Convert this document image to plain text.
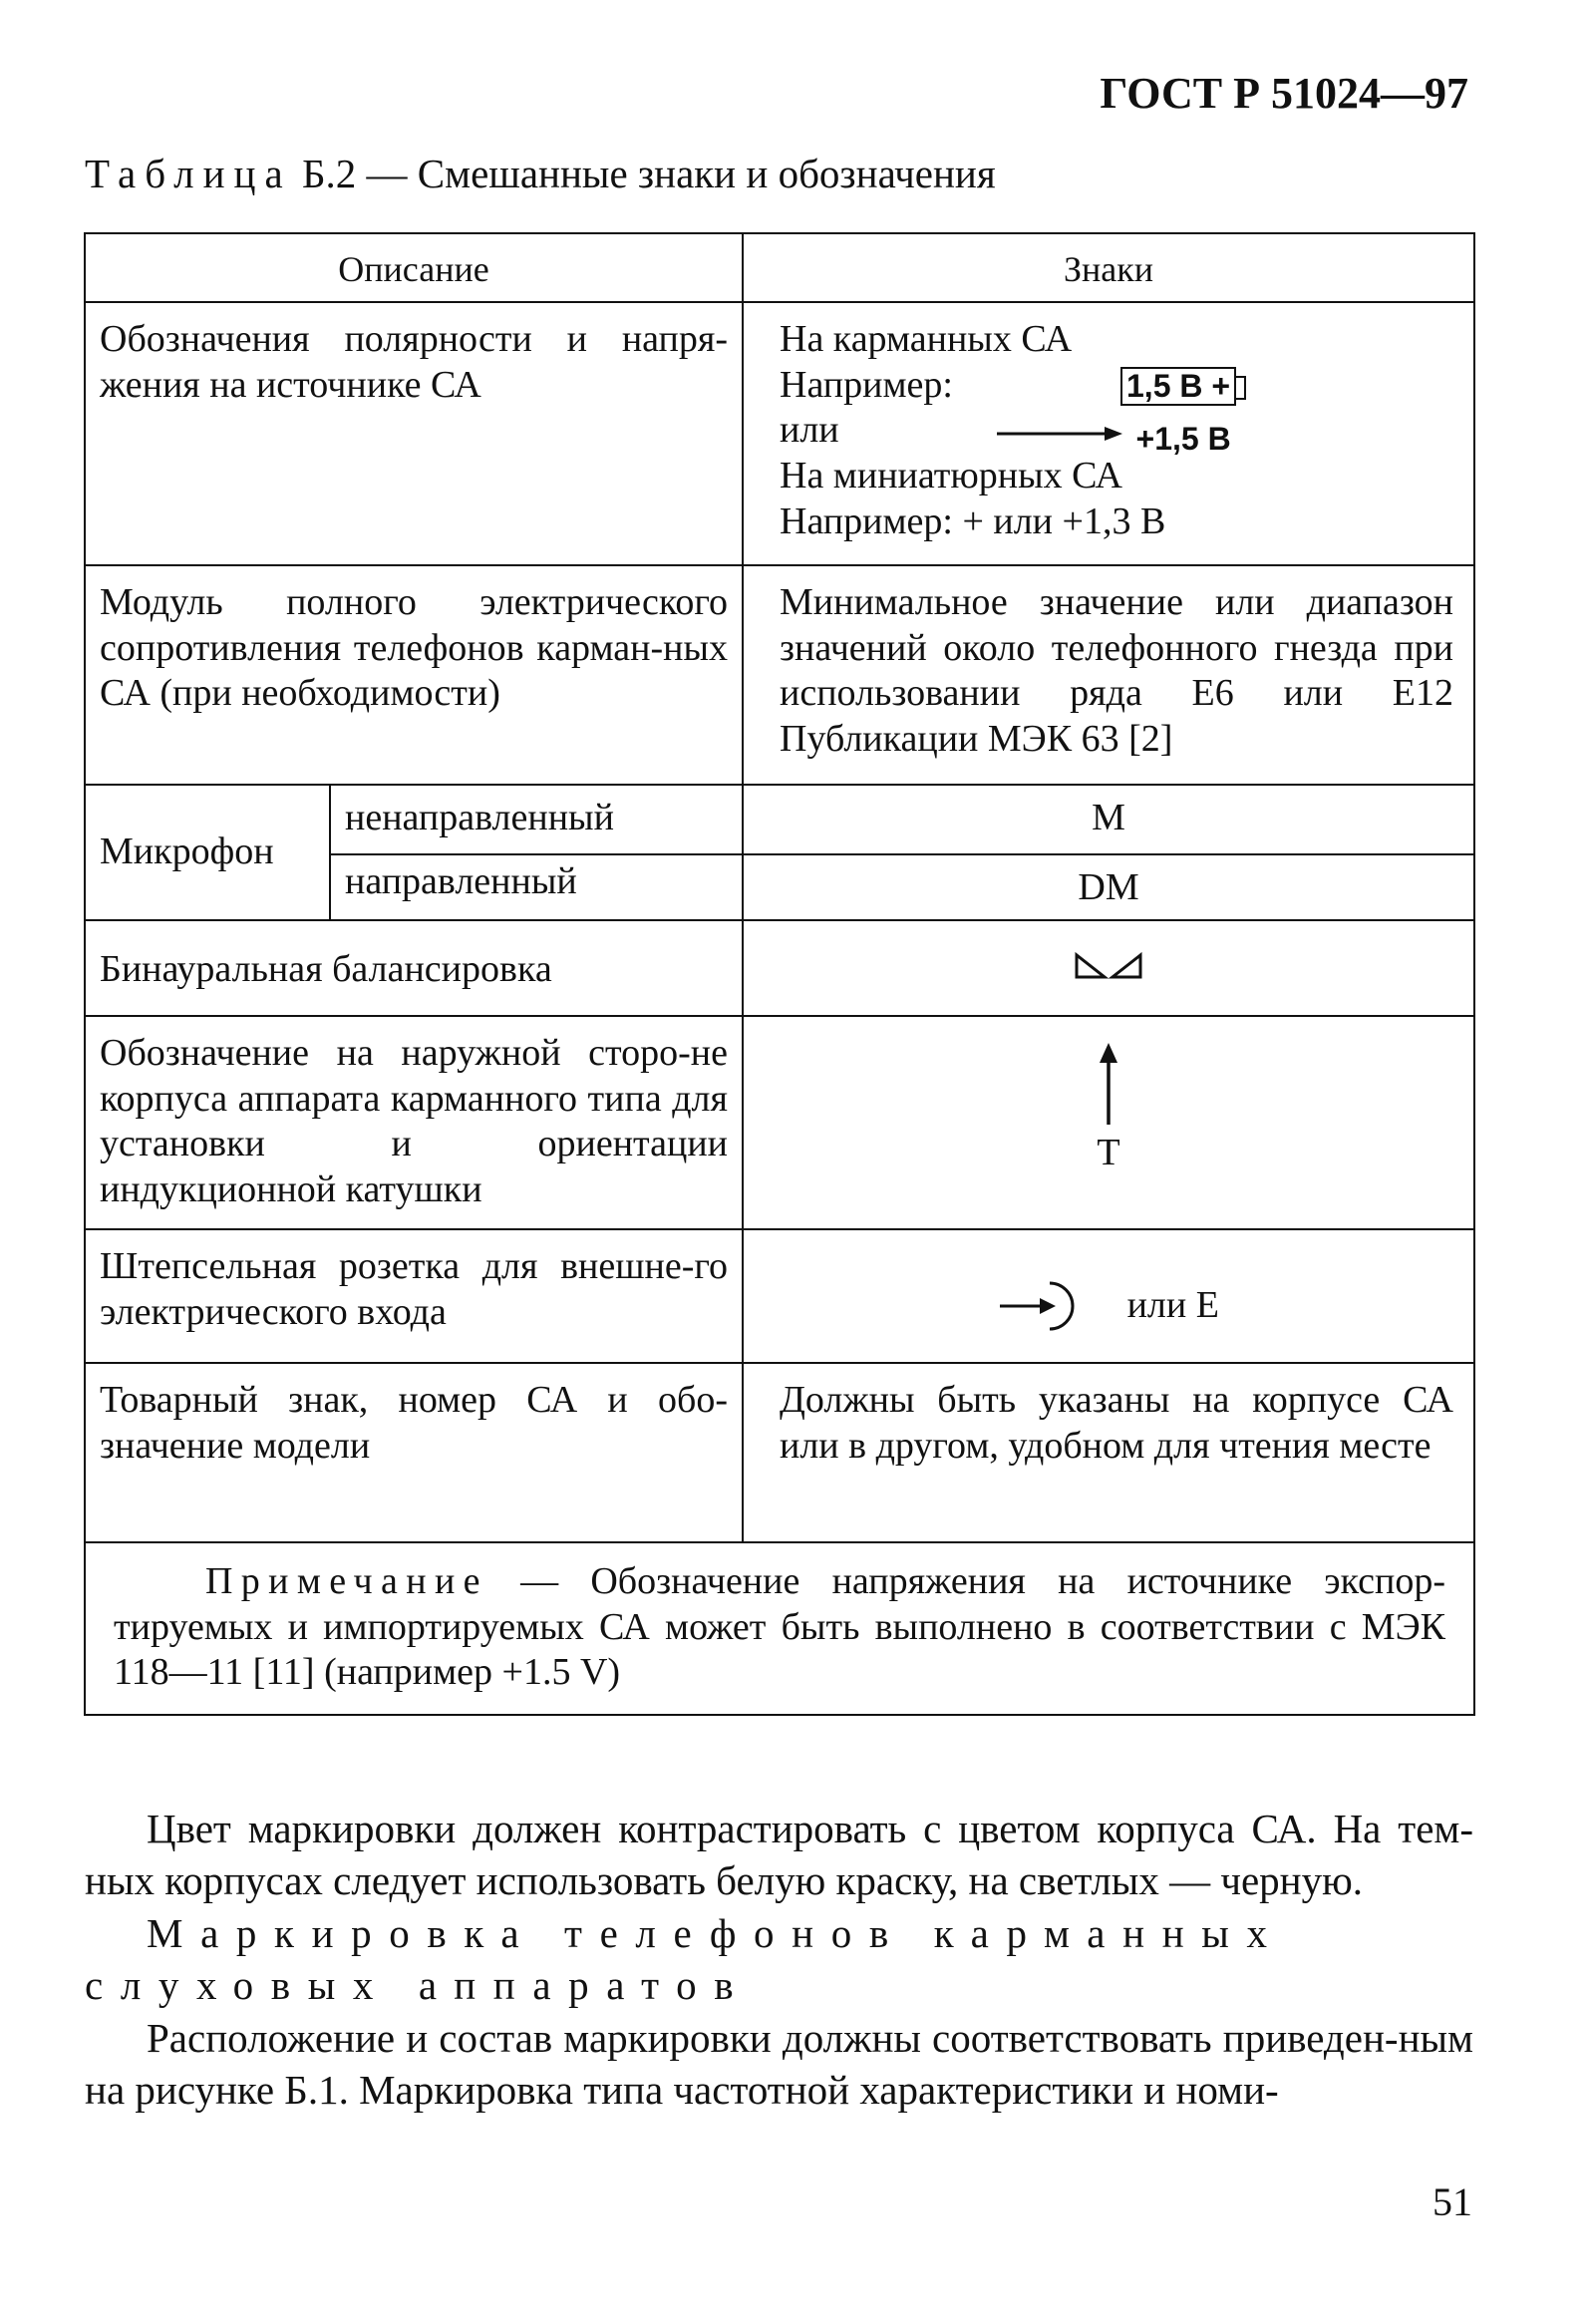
ГОСТ Р 51024—97
Таблица Б.2 — Смешанные знаки и обозначения
Описание		Знаки
Обозначения полярности и напря-жения на источнике СА		На карманных СА
Например: 1,5 В +
или $_{+1,5 В}$
На миниатюрных СА
Например: + или +1,3 В

Модуль полного электрического сопротивления телефонов карман-ных СА (при необходимости)		Минимальное значение или диапазон значений около телефонного гнезда при использовании ряда Е6 или Е12 Публикации МЭК 63 [2]
Микрофон	ненаправленный	М
	направленный	DM
Бинауральная балансировка	
Обозначение на наружной сторо-не корпуса аппарата карманного типа для установки и ориентации индукционной катушки		Т

Штепсельная розетка для внешне-го электрического входа		или Е
Товарный знак, номер СА и обо-значение модели		Должны быть указаны на корпусе СА или в другом, удобном для чтения месте
Примечание — Обозначение напряжения на источнике экспор-тируемых и импортируемых СА может быть выполнено в соответствии с МЭК 118—11 [11] (например +1.5 V)		

Цвет маркировки должен контрастировать с цветом корпуса СА. На тем-ных корпусах следует использовать белую краску, на светлых — черную.

Маркировка телефонов карманных слуховых аппаратов

Расположение и состав маркировки должны соответствовать приведен-ным на рисунке Б.1. Маркировка типа частотной характеристики и номи-

51
